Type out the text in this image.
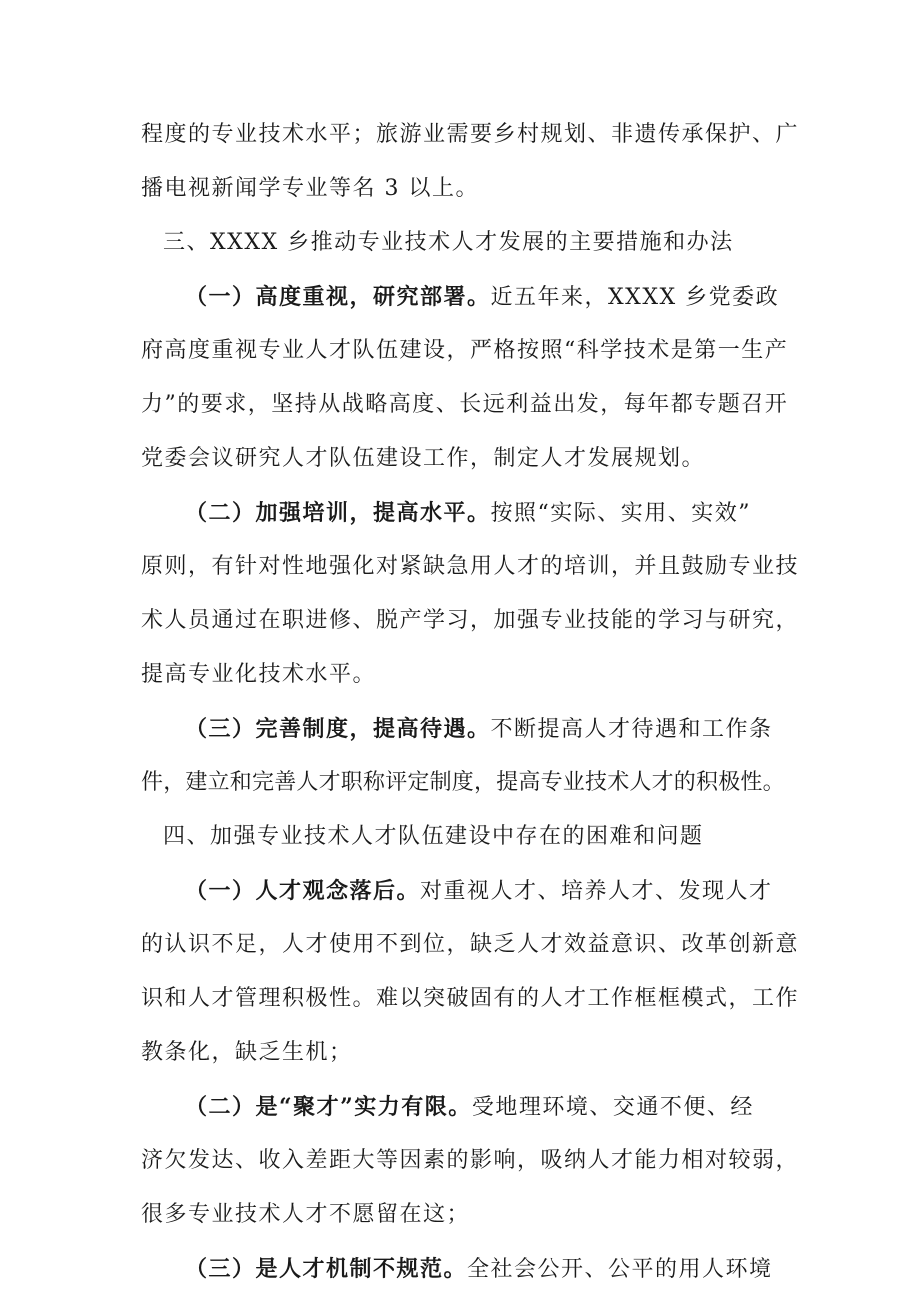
程度的专业技术水平；旅游业需要乡村规划、非遗传承保护、广
播电视新闻学专业等名 3 以上。
三、XXXX 乡推动专业技术人才发展的主要措施和办法
（一）高度重视，研究部署。近五年来，XXXX 乡党委政
府高度重视专业人才队伍建设，严格按照“科学技术是第一生产
力”的要求，坚持从战略高度、长远利益出发，每年都专题召开
党委会议研究人才队伍建设工作，制定人才发展规划。
（二）加强培训，提高水平。按照“实际、实用、实效”
原则，有针对性地强化对紧缺急用人才的培训，并且鼓励专业技
术人员通过在职进修、脱产学习，加强专业技能的学习与研究，
提高专业化技术水平。
（三）完善制度，提高待遇。不断提高人才待遇和工作条
件，建立和完善人才职称评定制度，提高专业技术人才的积极性。
四、加强专业技术人才队伍建设中存在的困难和问题
（一）人才观念落后。对重视人才、培养人才、发现人才
的认识不足，人才使用不到位，缺乏人才效益意识、改革创新意
识和人才管理积极性。难以突破固有的人才工作框框模式，工作
教条化，缺乏生机；
（二）是“聚才”实力有限。受地理环境、交通不便、经
济欠发达、收入差距大等因素的影响，吸纳人才能力相对较弱，
很多专业技术人才不愿留在这；
（三）是人才机制不规范。全社会公开、公平的用人环境
